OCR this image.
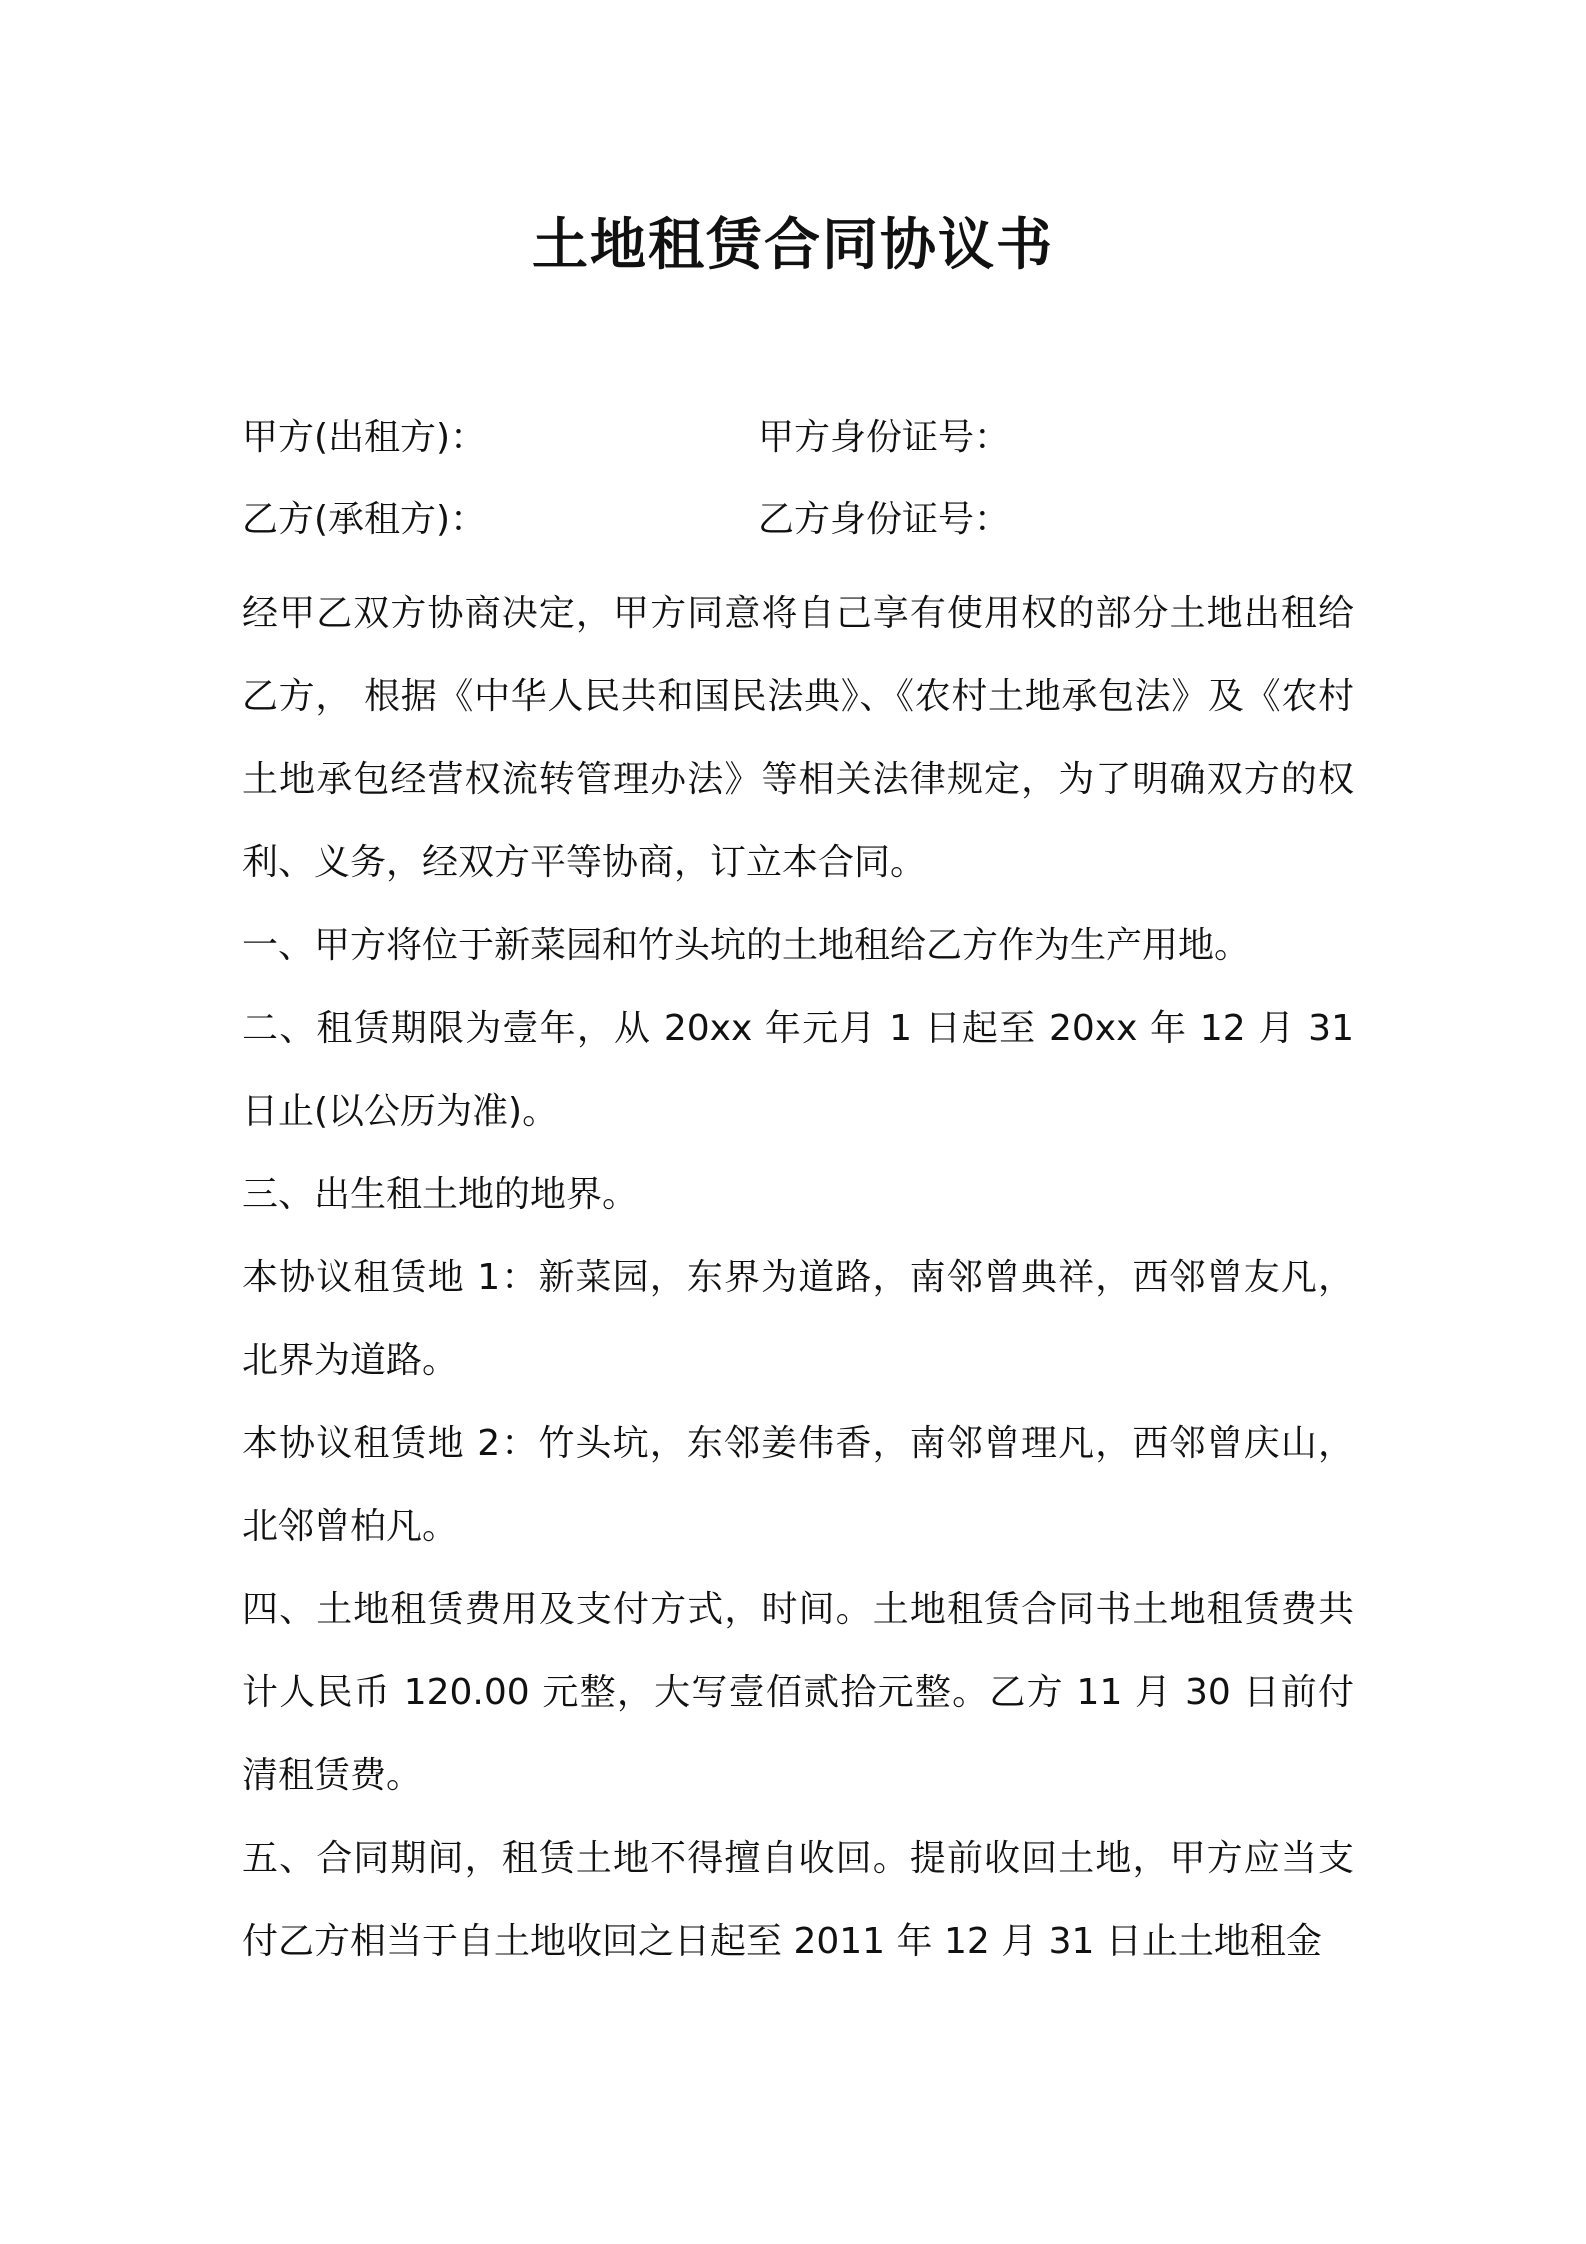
土地租赁合同协议书
甲方(出租方)：	甲方身份证号：
乙方(承租方)：	乙方身份证号：

经甲乙双方协商决定，甲方同意将自己享有使用权的部分土地出租给乙方， 根据《中华人民共和国民法典》、《农村土地承包法》及《农村土地承包经营权流转管理办法》等相关法律规定，为了明确双方的权利、义务，经双方平等协商，订立本合同。

一、甲方将位于新菜园和竹头坑的土地租给乙方作为生产用地。

二、租赁期限为壹年，从 20xx 年元月 1 日起至 20xx 年 12 月 31 日止(以公历为准)。

三、出生租土地的地界。

本协议租赁地 1：新菜园，东界为道路，南邻曾典祥，西邻曾友凡，北界为道路。

本协议租赁地 2：竹头坑，东邻姜伟香，南邻曾理凡，西邻曾庆山，北邻曾柏凡。

四、土地租赁费用及支付方式，时间。土地租赁合同书土地租赁费共计人民币 120.00 元整，大写壹佰贰拾元整。乙方 11 月 30 日前付清租赁费。

五、合同期间，租赁土地不得擅自收回。提前收回土地，甲方应当支付乙方相当于自土地收回之日起至 2011 年 12 月 31 日止土地租金
